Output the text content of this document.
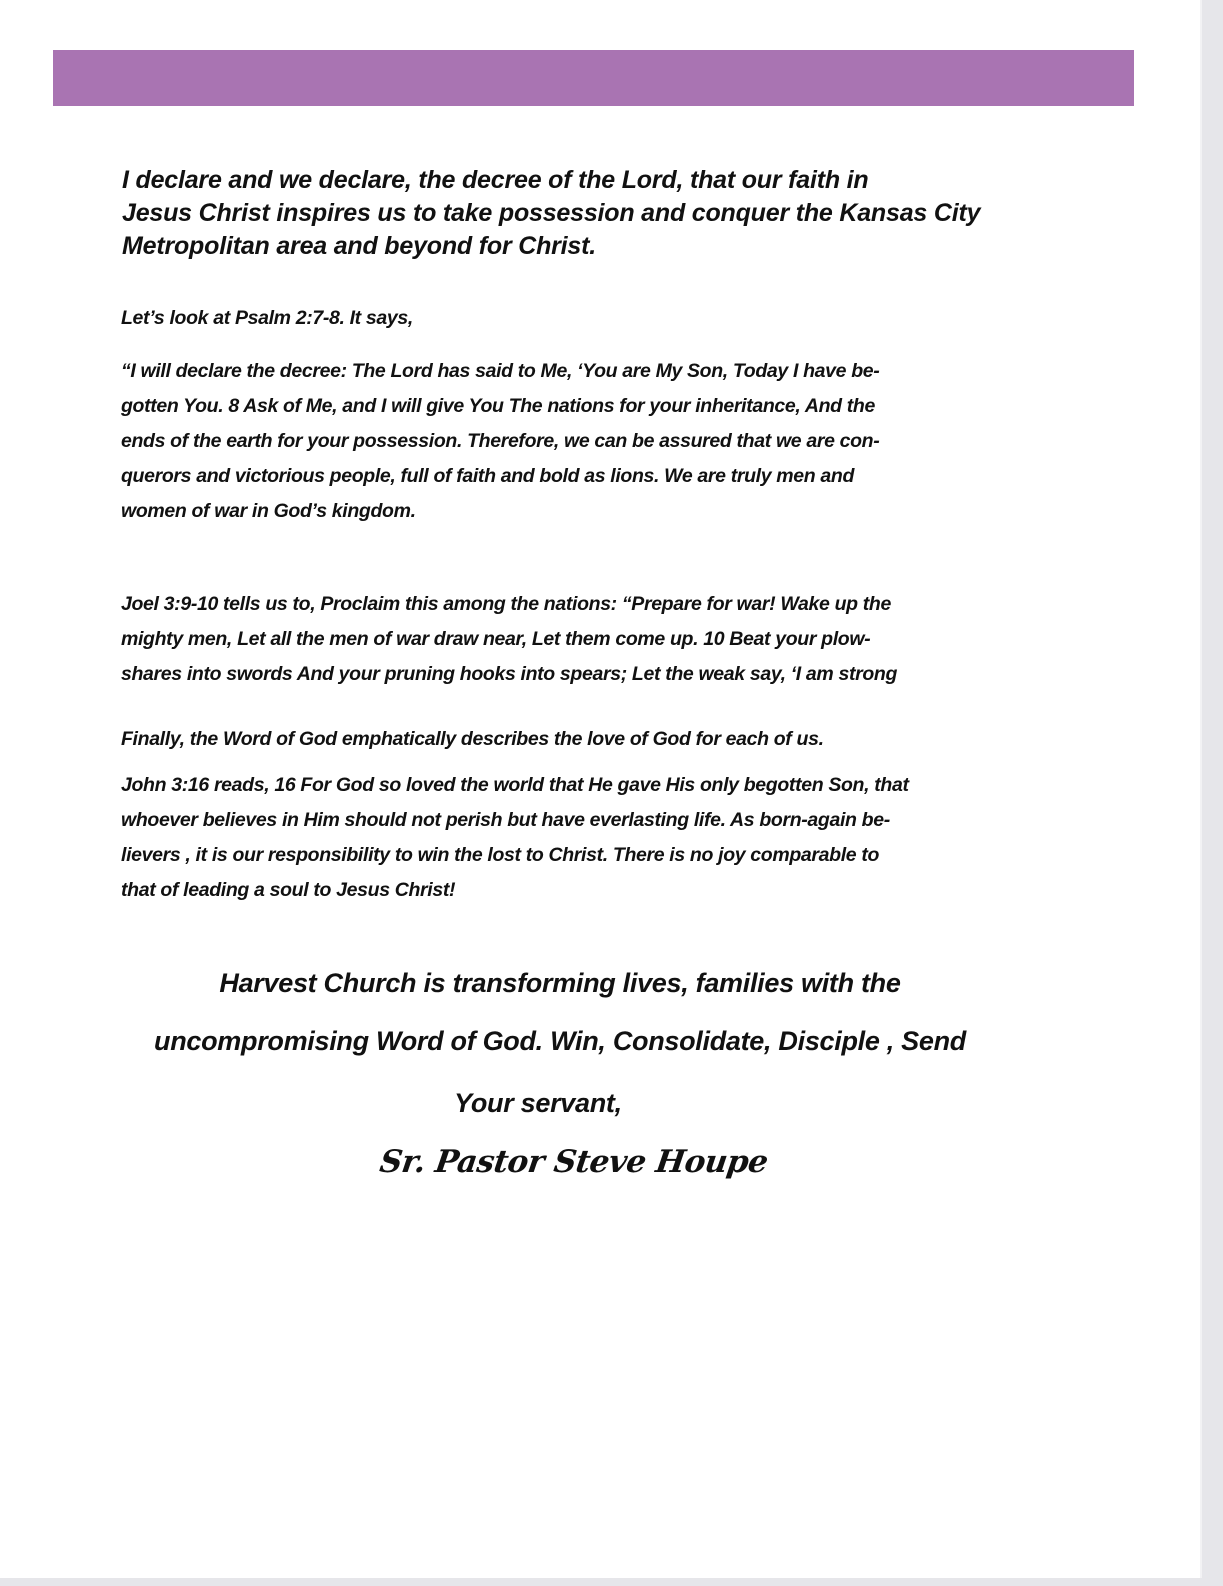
I declare and we declare, the decree of the Lord, that our faith in
Jesus Christ inspires us to take possession and conquer the Kansas City
Metropolitan area and beyond for Christ.

Let’s look at Psalm 2:7-8. It says,

“I will declare the decree: The Lord has said to Me, ‘You are My Son, Today I have be-
gotten You. 8 Ask of Me, and I will give You The nations for your inheritance, And the
ends of the earth for your possession. Therefore, we can be assured that we are con-
querors and victorious people, full of faith and bold as lions. We are truly men and
women of war in God’s kingdom.

Joel 3:9-10 tells us to, Proclaim this among the nations: “Prepare for war! Wake up the
mighty men, Let all the men of war draw near, Let them come up. 10 Beat your plow-
shares into swords And your pruning hooks into spears; Let the weak say, ‘I am strong

Finally, the Word of God emphatically describes the love of God for each of us.

John 3:16 reads, 16 For God so loved the world that He gave His only begotten Son, that
whoever believes in Him should not perish but have everlasting life. As born-again be-
lievers , it is our responsibility to win the lost to Christ. There is no joy comparable to
that of leading a soul to Jesus Christ!

Harvest Church is transforming lives, families with the
uncompromising Word of God. Win, Consolidate, Disciple , Send

Your servant,

Sr. Pastor Steve Houpe
